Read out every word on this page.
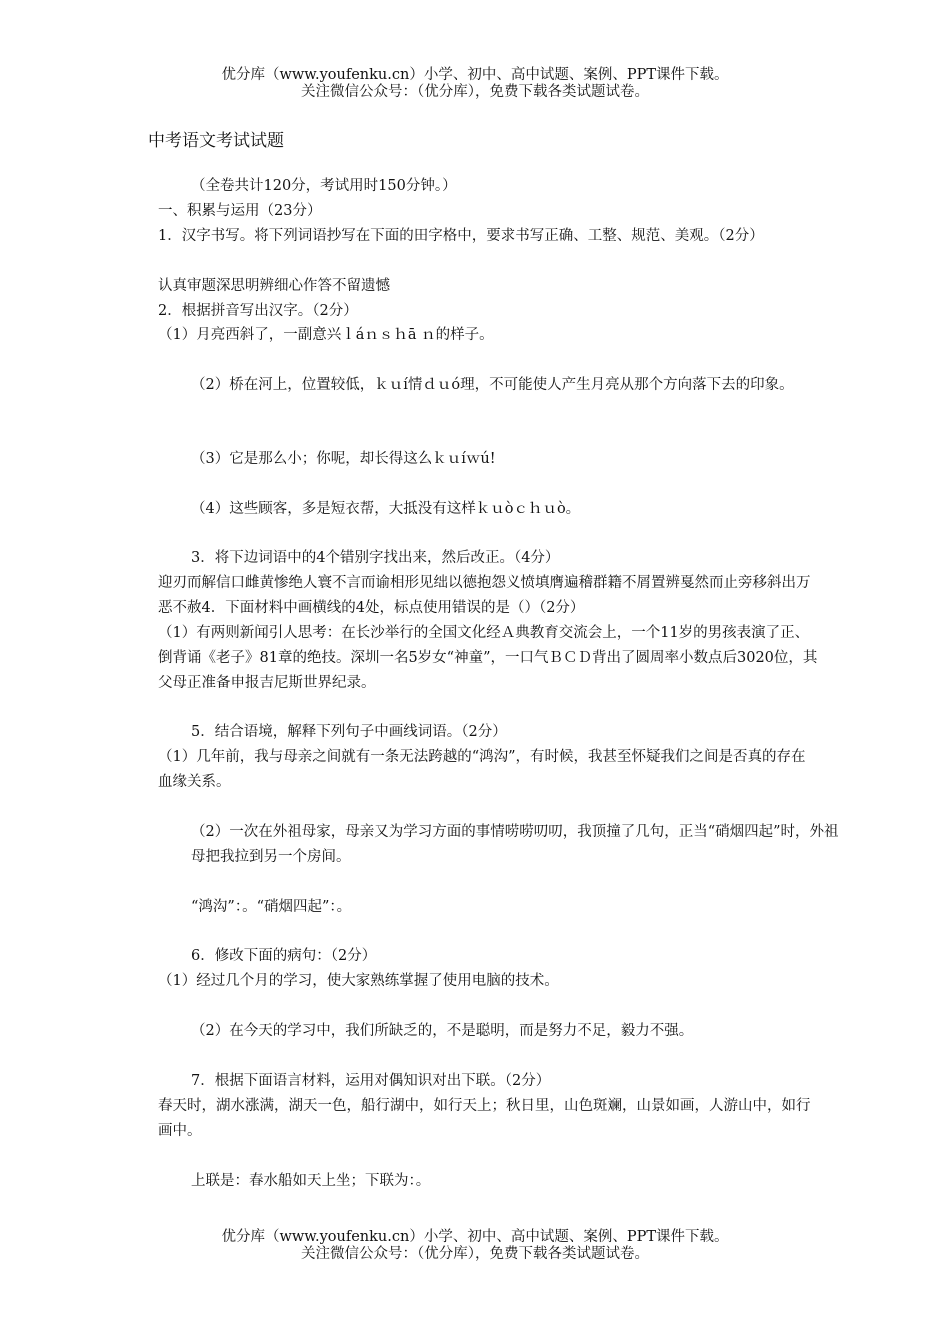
优分库（www.youfenku.cn）小学、初中、高中试题、案例、PPT课件下载。
关注微信公众号：（优分库），免费下载各类试题试卷。
中考语文考试试题
（全卷共计120分，考试用时150分钟。）
一、积累与运用（23分）
1．汉字书写。将下列词语抄写在下面的田字格中，要求书写正确、工整、规范、美观。（2分）
认真审题深思明辨细心作答不留遗憾
2．根据拼音写出汉字。（2分）
（1）月亮西斜了，一副意兴ｌáｎｓｈā ｎ的样子。
（2）桥在河上，位置较低，ｋｕí情ｄｕó理，不可能使人产生月亮从那个方向落下去的印象。
（3）它是那么小；你呢，却长得这么ｋｕíｗú!
（4）这些顾客，多是短衣帮，大抵没有这样ｋｕòｃｈｕò。
3．将下边词语中的4个错别字找出来，然后改正。（4分）
迎刃而解信口雌黄惨绝人寰不言而谕相形见绌以德抱怨义愤填膺遍稽群籍不屑置辨戛然而止旁移斜出万恶不赦4．下面材料中画横线的4处，标点使用错误的是（）（2分）
（1）有两则新闻引人思考：在长沙举行的全国文化经Ａ典教育交流会上，一个11岁的男孩表演了正、倒背诵《老子》81章的绝技。深圳一名5岁女“神童”，一口气ＢＣＤ背出了圆周率小数点后3020位，其父母正准备申报吉尼斯世界纪录。
5．结合语境，解释下列句子中画线词语。（2分）
（1）几年前，我与母亲之间就有一条无法跨越的“鸿沟”，有时候，我甚至怀疑我们之间是否真的存在血缘关系。
（2）一次在外祖母家，母亲又为学习方面的事情唠唠叨叨，我顶撞了几句，正当“硝烟四起”时，外祖母把我拉到另一个房间。
“鸿沟”：。“硝烟四起”：。
6．修改下面的病句：（2分）
（1）经过几个月的学习，使大家熟练掌握了使用电脑的技术。
（2）在今天的学习中，我们所缺乏的，不是聪明，而是努力不足，毅力不强。
7．根据下面语言材料，运用对偶知识对出下联。（2分）
春天时，湖水涨满，湖天一色，船行湖中，如行天上；秋日里，山色斑斓，山景如画，人游山中，如行画中。
上联是：春水船如天上坐；下联为：。
优分库（www.youfenku.cn）小学、初中、高中试题、案例、PPT课件下载。
关注微信公众号：（优分库），免费下载各类试题试卷。
